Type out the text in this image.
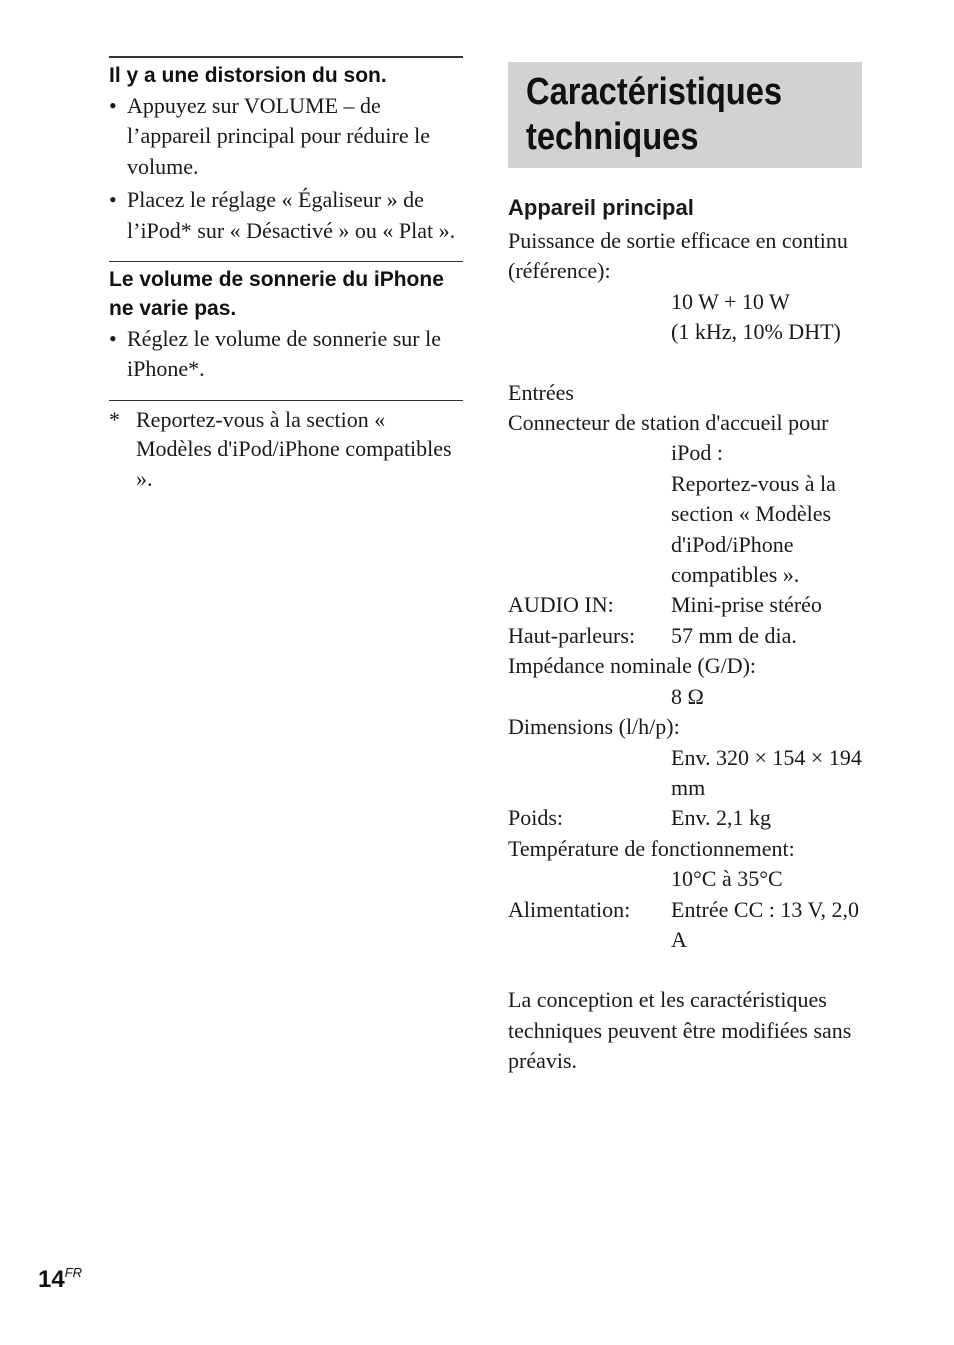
Il y a une distorsion du son.
• Appuyez sur VOLUME – de l’appareil principal pour réduire le volume.
• Placez le réglage « Égaliseur » de l’iPod* sur « Désactivé » ou « Plat ».
Le volume de sonnerie du iPhone ne varie pas.
• Réglez le volume de sonnerie sur le iPhone*.
* Reportez-vous à la section « Modèles d'iPod/iPhone compatibles ».
Caractéristiques
techniques
Appareil principal
Puissance de sortie efficace en continu
(référence):
10 W + 10 W
(1 kHz, 10% DHT)
Entrées
Connecteur de station d'accueil pour
iPod :
Reportez-vous à la section « Modèles d'iPod/iPhone compatibles ».
AUDIO IN:	Mini-prise stéréo
Haut-parleurs:	57 mm de dia.
Impédance nominale (G/D):
8 Ω
Dimensions (l/h/p):
Env. 320 × 154 × 194 mm
Poids:	Env. 2,1 kg
Température de fonctionnement:
10°C à 35°C
Alimentation:	Entrée CC : 13 V, 2,0 A
La conception et les caractéristiques techniques peuvent être modifiées sans préavis.
$14^{FR}$
